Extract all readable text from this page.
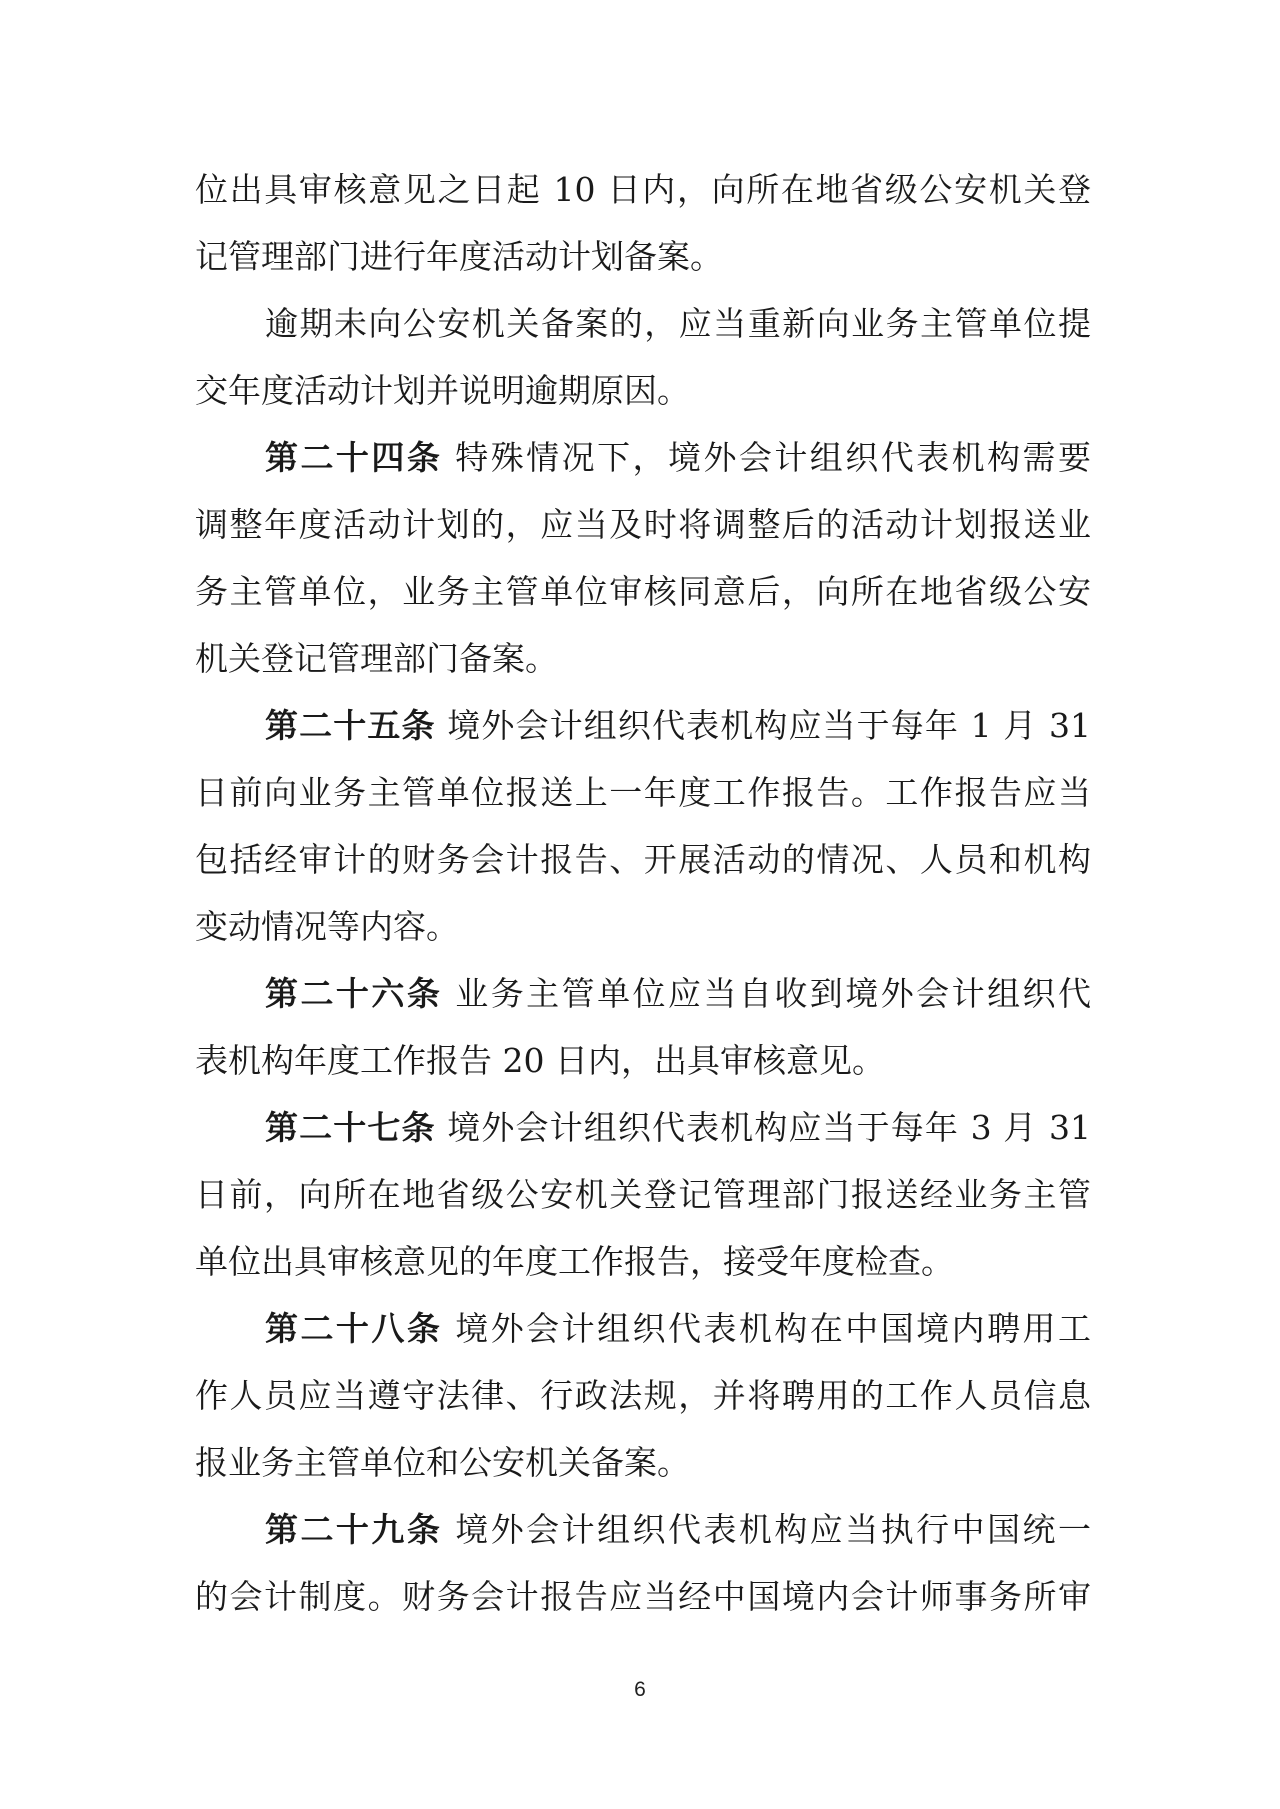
位出具审核意见之日起 10 日内，向所在地省级公安机关登
记管理部门进行年度活动计划备案。
逾期未向公安机关备案的，应当重新向业务主管单位提
交年度活动计划并说明逾期原因。
第二十四条 特殊情况下，境外会计组织代表机构需要
调整年度活动计划的，应当及时将调整后的活动计划报送业
务主管单位，业务主管单位审核同意后，向所在地省级公安
机关登记管理部门备案。
第二十五条 境外会计组织代表机构应当于每年 1 月 31
日前向业务主管单位报送上一年度工作报告。工作报告应当
包括经审计的财务会计报告、开展活动的情况、人员和机构
变动情况等内容。
第二十六条 业务主管单位应当自收到境外会计组织代
表机构年度工作报告 20 日内，出具审核意见。
第二十七条 境外会计组织代表机构应当于每年 3 月 31
日前，向所在地省级公安机关登记管理部门报送经业务主管
单位出具审核意见的年度工作报告，接受年度检查。
第二十八条 境外会计组织代表机构在中国境内聘用工
作人员应当遵守法律、行政法规，并将聘用的工作人员信息
报业务主管单位和公安机关备案。
第二十九条 境外会计组织代表机构应当执行中国统一
的会计制度。财务会计报告应当经中国境内会计师事务所审
6
